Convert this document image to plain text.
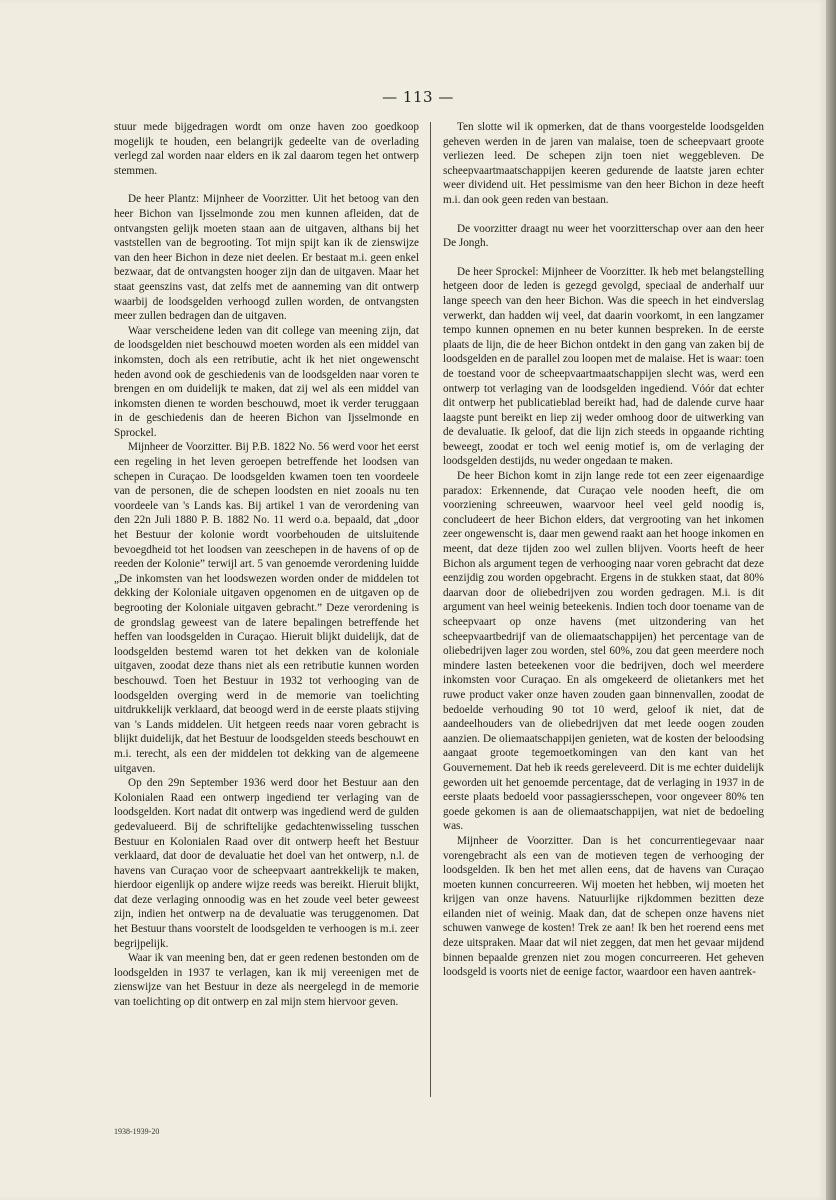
— 113 —

stuur mede bijgedragen wordt om onze haven zoo goedkoop mogelijk te houden, een belangrijk gedeelte van de overlading verlegd zal worden naar elders en ik zal daarom tegen het ontwerp stemmen.

De heer Plantz: Mijnheer de Voorzitter. Uit het betoog van den heer Bichon van Ijsselmonde zou men kunnen afleiden, dat de ontvangsten gelijk moeten staan aan de uitgaven, althans bij het vaststellen van de begrooting. Tot mijn spijt kan ik de zienswijze van den heer Bichon in deze niet deelen. Er bestaat m.i. geen enkel bezwaar, dat de ontvangsten hooger zijn dan de uitgaven. Maar het staat geenszins vast, dat zelfs met de aanneming van dit ontwerp waarbij de loodsgelden verhoogd zullen worden, de ontvangsten meer zullen bedragen dan de uitgaven.

Waar verscheidene leden van dit college van meening zijn, dat de loodsgelden niet beschouwd moeten worden als een middel van inkomsten, doch als een retributie, acht ik het niet ongewenscht heden avond ook de geschiedenis van de loodsgelden naar voren te brengen en om duidelijk te maken, dat zij wel als een middel van inkomsten dienen te worden beschouwd, moet ik verder teruggaan in de geschiedenis dan de heeren Bichon van Ijsselmonde en Sprockel.

Mijnheer de Voorzitter. Bij P.B. 1822 No. 56 werd voor het eerst een regeling in het leven geroepen betreffende het loodsen van schepen in Curaçao. De loodsgelden kwamen toen ten voordeele van de personen, die de schepen loodsten en niet zooals nu ten voordeele van 's Lands kas. Bij artikel 1 van de verordening van den 22n Juli 1880 P. B. 1882 No. 11 werd o.a. bepaald, dat „door het Bestuur der kolonie wordt voorbehouden de uitsluitende bevoegdheid tot het loodsen van zeeschepen in de havens of op de reeden der Kolonie” terwijl art. 5 van genoemde verordening luidde „De inkomsten van het loodswezen worden onder de middelen tot dekking der Koloniale uitgaven opgenomen en de uitgaven op de begrooting der Koloniale uitgaven gebracht.” Deze verordening is de grondslag geweest van de latere bepalingen betreffende het heffen van loodsgelden in Curaçao. Hieruit blijkt duidelijk, dat de loodsgelden bestemd waren tot het dekken van de koloniale uitgaven, zoodat deze thans niet als een retributie kunnen worden beschouwd. Toen het Bestuur in 1932 tot verhooging van de loodsgelden overging werd in de memorie van toelichting uitdrukkelijk verklaard, dat beoogd werd in de eerste plaats stijving van 's Lands middelen. Uit hetgeen reeds naar voren gebracht is blijkt duidelijk, dat het Bestuur de loodsgelden steeds beschouwt en m.i. terecht, als een der middelen tot dekking van de algemeene uitgaven.

Op den 29n September 1936 werd door het Bestuur aan den Kolonialen Raad een ontwerp ingediend ter verlaging van de loodsgelden. Kort nadat dit ontwerp was ingediend werd de gulden gedevalueerd. Bij de schriftelijke gedachtenwisseling tusschen Bestuur en Kolonialen Raad over dit ontwerp heeft het Bestuur verklaard, dat door de devaluatie het doel van het ontwerp, n.l. de havens van Curaçao voor de scheepvaart aantrekkelijk te maken, hierdoor eigenlijk op andere wijze reeds was bereikt. Hieruit blijkt, dat deze verlaging onnoodig was en het zoude veel beter geweest zijn, indien het ontwerp na de devaluatie was teruggenomen. Dat het Bestuur thans voorstelt de loodsgelden te verhoogen is m.i. zeer begrijpelijk.

Waar ik van meening ben, dat er geen redenen bestonden om de loodsgelden in 1937 te verlagen, kan ik mij vereenigen met de zienswijze van het Bestuur in deze als neergelegd in de memorie van toelichting op dit ontwerp en zal mijn stem hiervoor geven.

Ten slotte wil ik opmerken, dat de thans voorgestelde loodsgelden geheven werden in de jaren van malaise, toen de scheepvaart groote verliezen leed. De schepen zijn toen niet weggebleven. De scheepvaartmaatschappijen keeren gedurende de laatste jaren echter weer dividend uit. Het pessimisme van den heer Bichon in deze heeft m.i. dan ook geen reden van bestaan.

De voorzitter draagt nu weer het voorzitterschap over aan den heer De Jongh.

De heer Sprockel: Mijnheer de Voorzitter. Ik heb met belangstelling hetgeen door de leden is gezegd gevolgd, speciaal de anderhalf uur lange speech van den heer Bichon. Was die speech in het eindverslag verwerkt, dan hadden wij veel, dat daarin voorkomt, in een langzamer tempo kunnen opnemen en nu beter kunnen bespreken. In de eerste plaats de lijn, die de heer Bichon ontdekt in den gang van zaken bij de loodsgelden en de parallel zou loopen met de malaise. Het is waar: toen de toestand voor de scheepvaartmaatschappijen slecht was, werd een ontwerp tot verlaging van de loodsgelden ingediend. Vóór dat echter dit ontwerp het publicatieblad bereikt had, had de dalende curve haar laagste punt bereikt en liep zij weder omhoog door de uitwerking van de devaluatie. Ik geloof, dat die lijn zich steeds in opgaande richting beweegt, zoodat er toch wel eenig motief is, om de verlaging der loodsgelden destijds, nu weder ongedaan te maken.

De heer Bichon komt in zijn lange rede tot een zeer eigenaardige paradox: Erkennende, dat Curaçao vele nooden heeft, die om voorziening schreeuwen, waarvoor heel veel geld noodig is, concludeert de heer Bichon elders, dat vergrooting van het inkomen zeer ongewenscht is, daar men gewend raakt aan het hooge inkomen en meent, dat deze tijden zoo wel zullen blijven. Voorts heeft de heer Bichon als argument tegen de verhooging naar voren gebracht dat deze eenzijdig zou worden opgebracht. Ergens in de stukken staat, dat 80% daarvan door de oliebedrijven zou worden gedragen. M.i. is dit argument van heel weinig beteekenis. Indien toch door toename van de scheepvaart op onze havens (met uitzondering van het scheepvaartbedrijf van de oliemaatschappijen) het percentage van de oliebedrijven lager zou worden, stel 60%, zou dat geen meerdere noch mindere lasten beteekenen voor die bedrijven, doch wel meerdere inkomsten voor Curaçao. En als omgekeerd de olietankers met het ruwe product vaker onze haven zouden gaan binnenvallen, zoodat de bedoelde verhouding 90 tot 10 werd, geloof ik niet, dat de aandeelhouders van de oliebedrijven dat met leede oogen zouden aanzien. De oliemaatschappijen genieten, wat de kosten der beloodsing aangaat groote tegemoetkomingen van den kant van het Gouvernement. Dat heb ik reeds gereleveerd. Dit is me echter duidelijk geworden uit het genoemde percentage, dat de verlaging in 1937 in de eerste plaats bedoeld voor passagiersschepen, voor ongeveer 80% ten goede gekomen is aan de oliemaatschappijen, wat niet de bedoeling was.

Mijnheer de Voorzitter. Dan is het concurrentiegevaar naar vorengebracht als een van de motieven tegen de verhooging der loodsgelden. Ik ben het met allen eens, dat de havens van Curaçao moeten kunnen concurreeren. Wij moeten het hebben, wij moeten het krijgen van onze havens. Natuurlijke rijkdommen bezitten deze eilanden niet of weinig. Maak dan, dat de schepen onze havens niet schuwen vanwege de kosten! Trek ze aan! Ik ben het roerend eens met deze uitspraken. Maar dat wil niet zeggen, dat men het gevaar mijdend binnen bepaalde grenzen niet zou mogen concurreeren. Het geheven loodsgeld is voorts niet de eenige factor, waardoor een haven aantrek-

1938-1939-20
